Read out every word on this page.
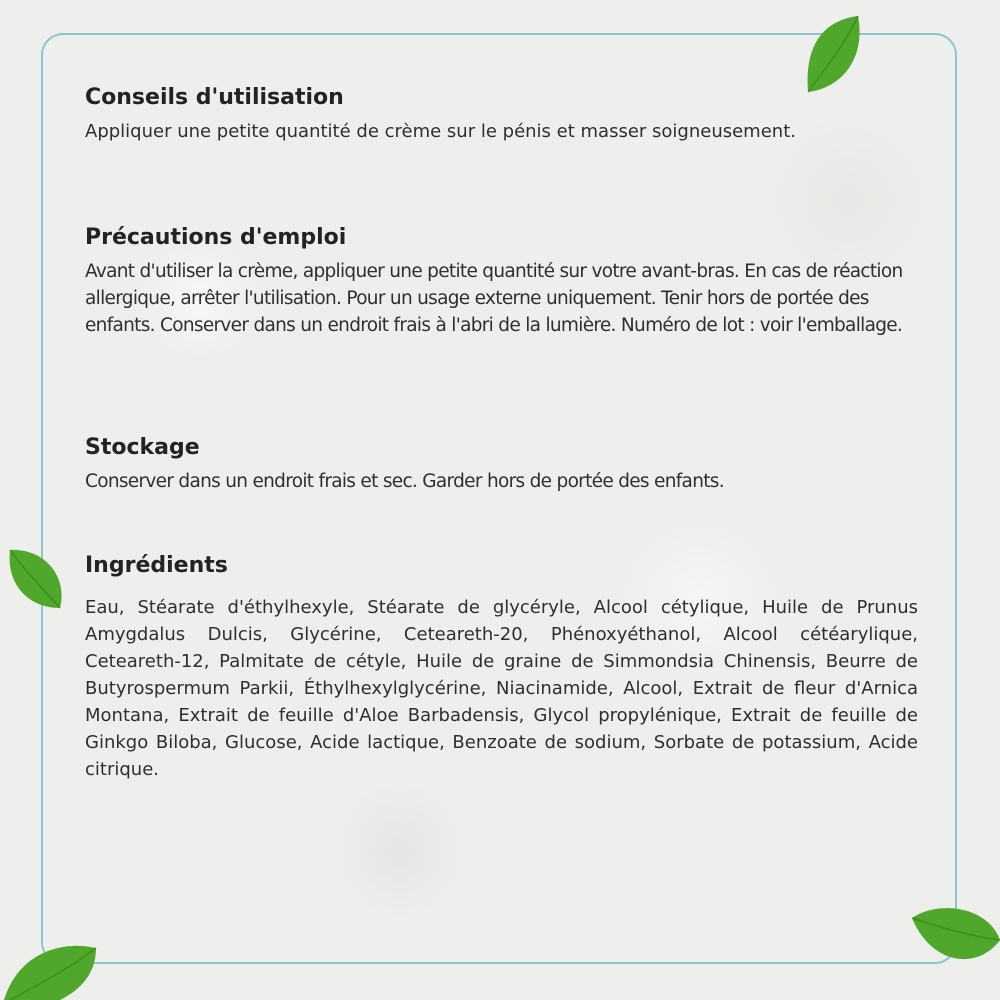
Conseils d'utilisation

Appliquer une petite quantité de crème sur le pénis et masser soigneusement.

Précautions d'emploi

Avant d'utiliser la crème, appliquer une petite quantité sur votre avant-bras. En cas de réaction allergique, arrêter l'utilisation. Pour un usage externe uniquement. Tenir hors de portée des enfants. Conserver dans un endroit frais à l'abri de la lumière. Numéro de lot : voir l'emballage.

Stockage

Conserver dans un endroit frais et sec. Garder hors de portée des enfants.

Ingrédients

Eau, Stéarate d'éthylhexyle, Stéarate de glycéryle, Alcool cétylique, Huile de Prunus Amygdalus Dulcis, Glycérine, Ceteareth-20, Phénoxyéthanol, Alcool cétéarylique, Ceteareth-12, Palmitate de cétyle, Huile de graine de Simmondsia Chinensis, Beurre de Butyrospermum Parkii, Éthylhexylglycérine, Niacinamide, Alcool, Extrait de fleur d'Arnica Montana, Extrait de feuille d'Aloe Barbadensis, Glycol propylénique, Extrait de feuille de Ginkgo Biloba, Glucose, Acide lactique, Benzoate de sodium, Sorbate de potassium, Acide citrique.
